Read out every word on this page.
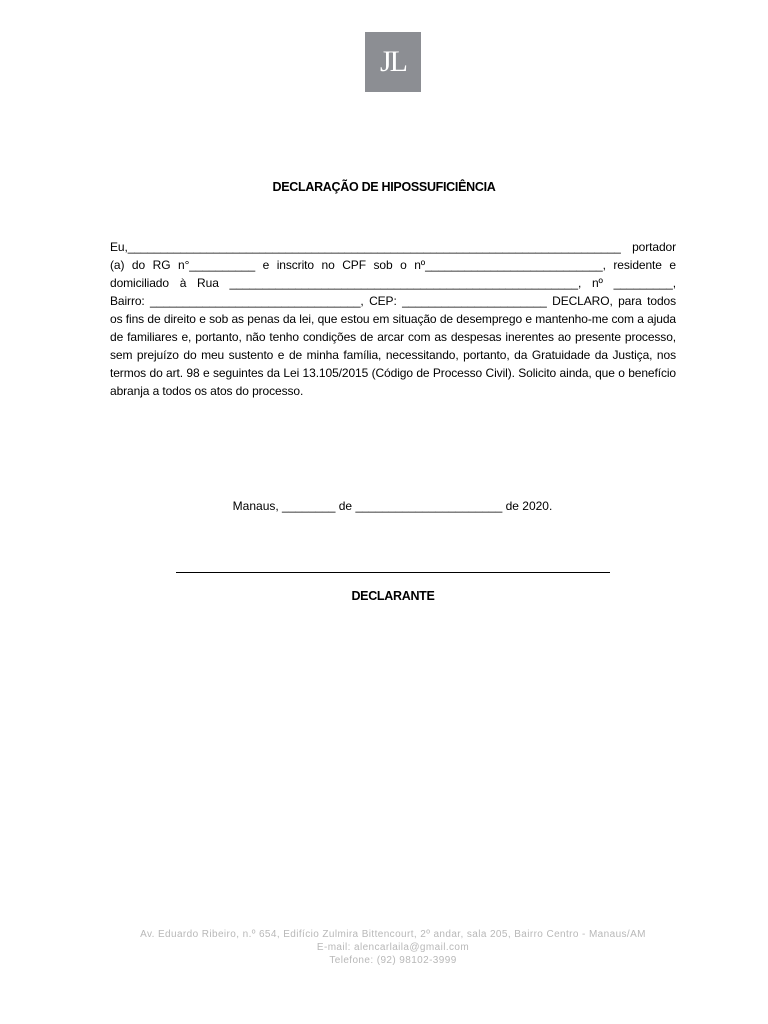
JL
DECLARAÇÃO DE HIPOSSUFICIÊNCIA
Eu,___________________________________________________________________________ portador (a) do RG n°__________ e inscrito no CPF sob o nº___________________________, residente e domiciliado à Rua _____________________________________________________, nº _________, Bairro: ________________________________, CEP: ______________________ DECLARO, para todos os fins de direito e sob as penas da lei, que estou em situação de desemprego e mantenho-me com a ajuda de familiares e, portanto, não tenho condições de arcar com as despesas inerentes ao presente processo, sem prejuízo do meu sustento e de minha família, necessitando, portanto, da Gratuidade da Justiça, nos termos do art. 98 e seguintes da Lei 13.105/2015 (Código de Processo Civil). Solicito ainda, que o benefício abranja a todos os atos do processo.
Manaus, ________ de ______________________ de 2020.
DECLARANTE
Av. Eduardo Ribeiro, n.º 654, Edifício Zulmira Bittencourt, 2º andar, sala 205, Bairro Centro - Manaus/AM
E-mail: alencarlaila@gmail.com
Telefone: (92) 98102-3999
